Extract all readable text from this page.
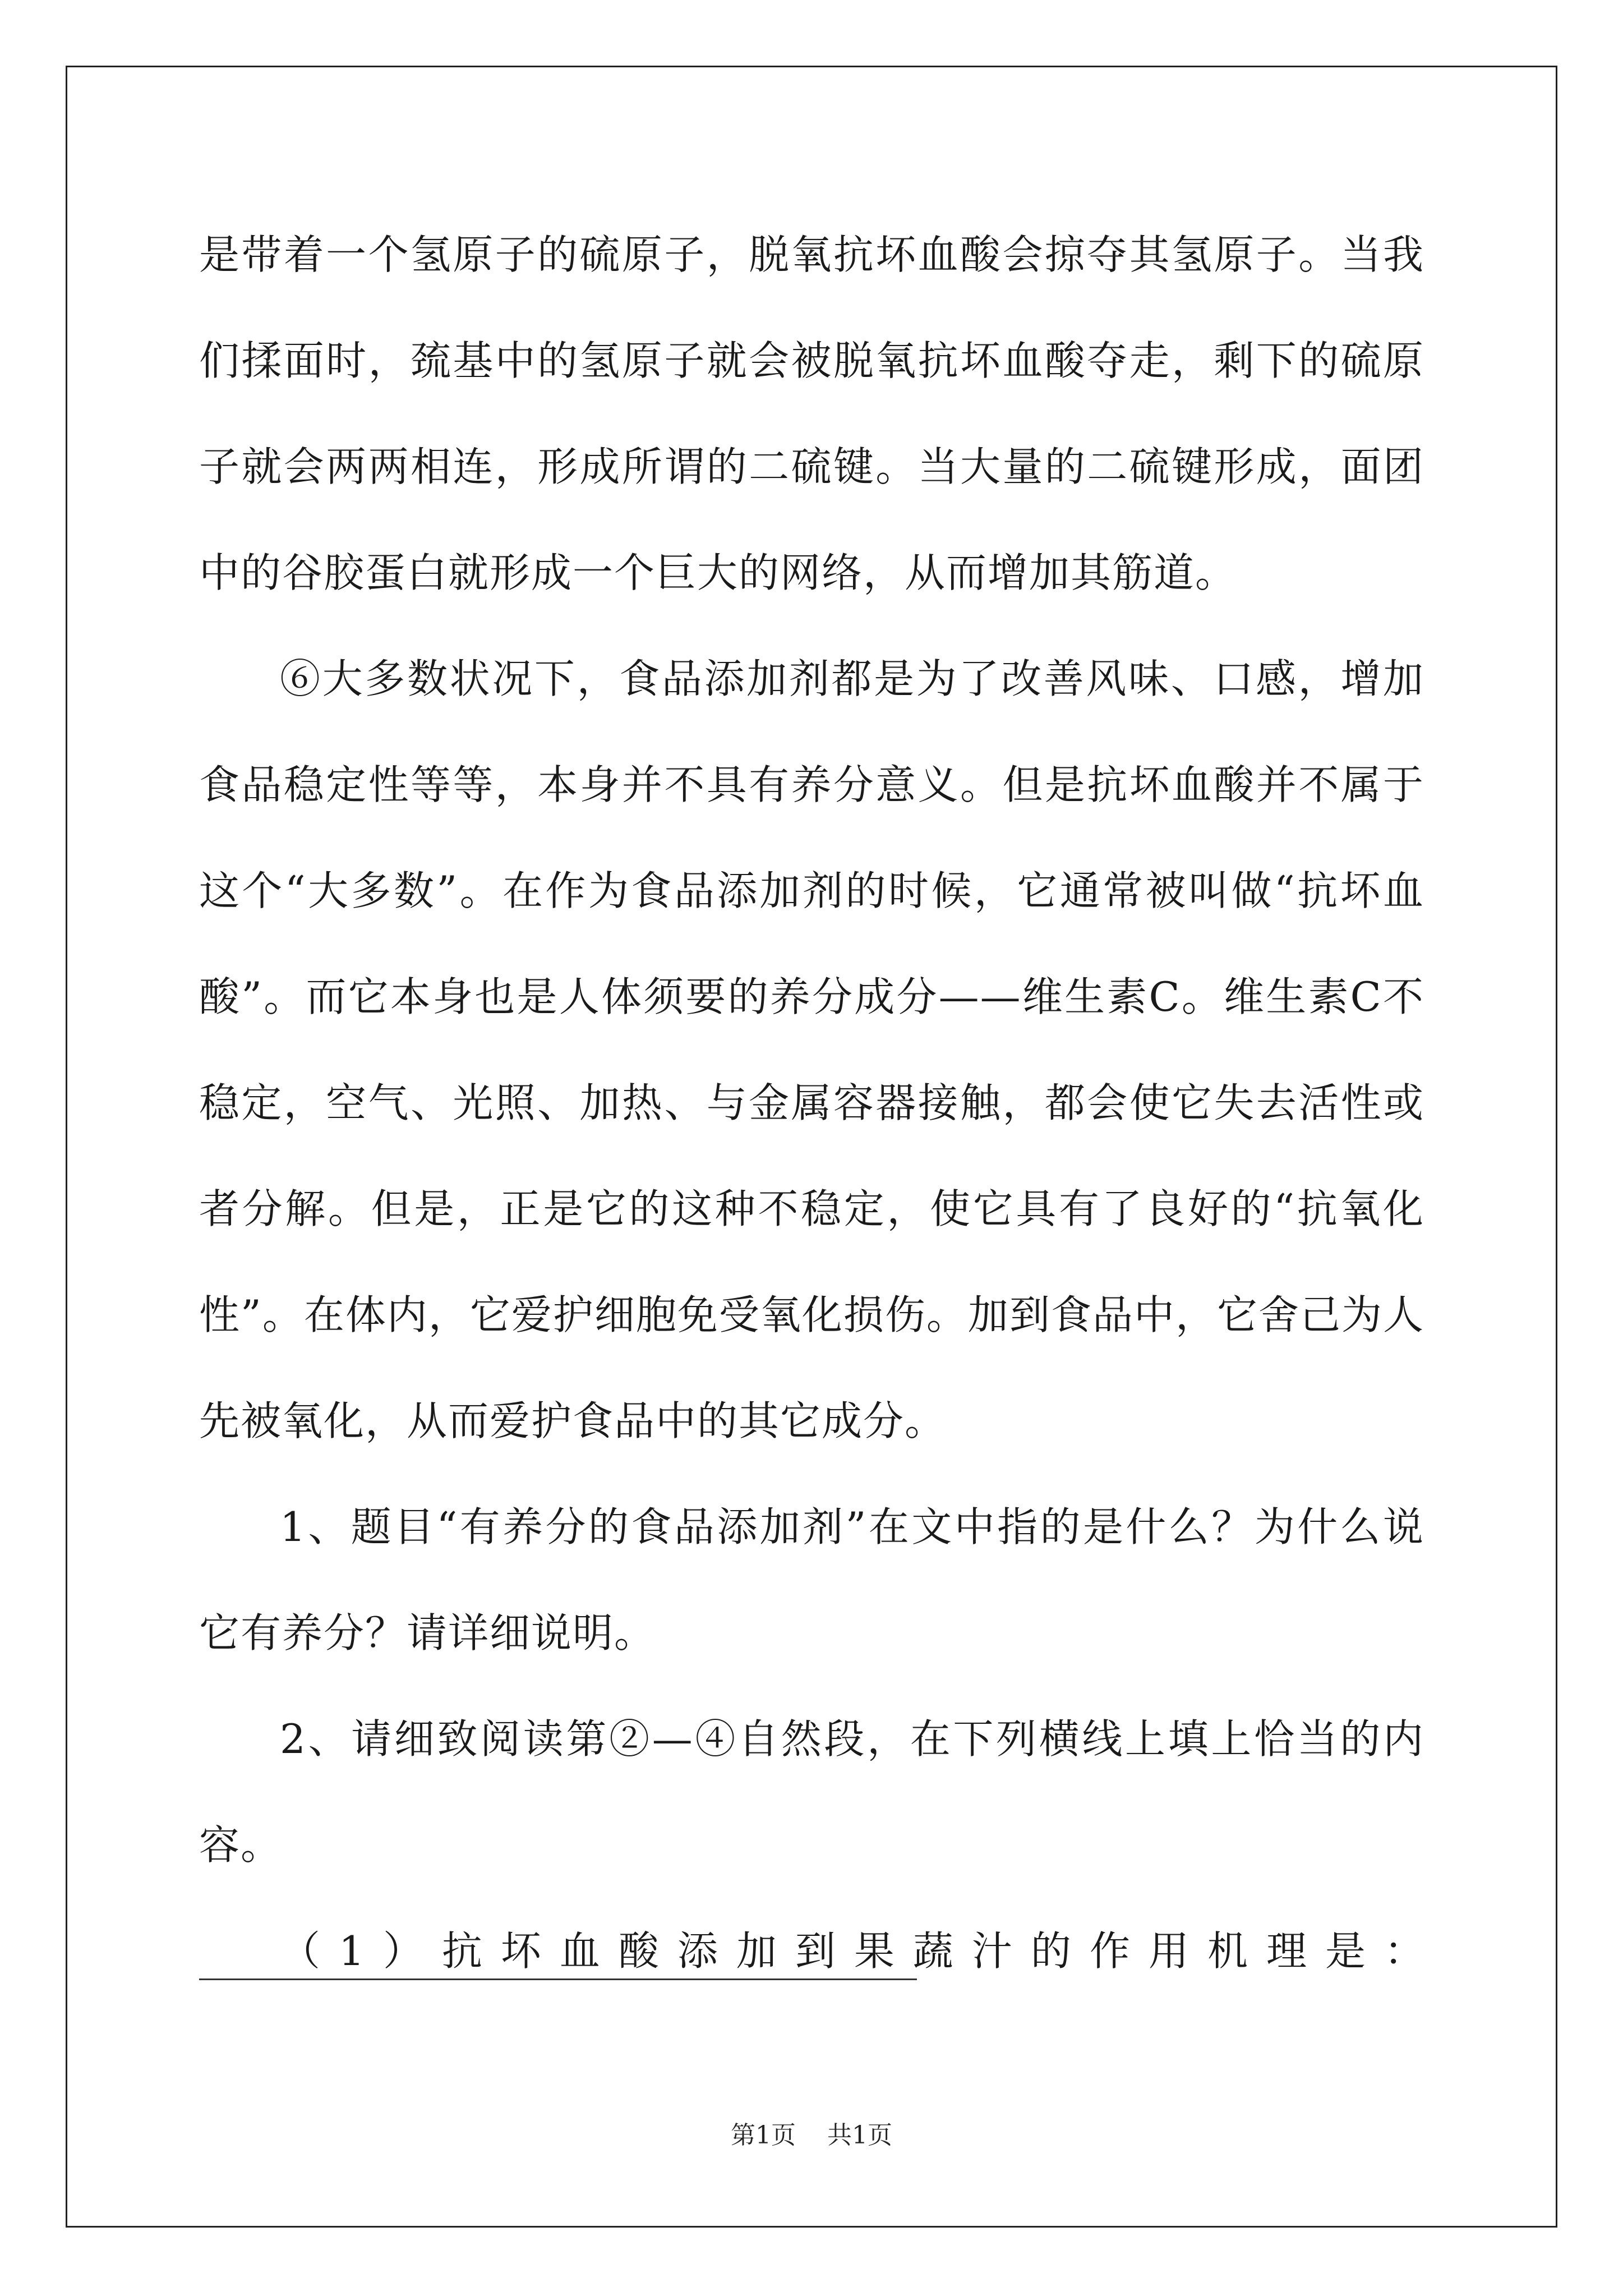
是带着一个氢原子的硫原子，脱氧抗坏血酸会掠夺其氢原子。当我们揉面时，巯基中的氢原子就会被脱氧抗坏血酸夺走，剩下的硫原子就会两两相连，形成所谓的二硫键。当大量的二硫键形成，面团中的谷胶蛋白就形成一个巨大的网络，从而增加其筋道。

⑥大多数状况下，食品添加剂都是为了改善风味、口感，增加食品稳定性等等，本身并不具有养分意义。但是抗坏血酸并不属于这个“大多数”。在作为食品添加剂的时候，它通常被叫做“抗坏血酸”。而它本身也是人体须要的养分成分——维生素C。维生素C不稳定，空气、光照、加热、与金属容器接触，都会使它失去活性或者分解。但是，正是它的这种不稳定，使它具有了良好的“抗氧化性”。在体内，它爱护细胞免受氧化损伤。加到食品中，它舍己为人先被氧化，从而爱护食品中的其它成分。

1、题目“有养分的食品添加剂”在文中指的是什么？为什么说它有养分？请详细说明。

2、请细致阅读第②—④自然段，在下列横线上填上恰当的内容。

（1）抗坏血酸添加到果蔬汁的作用机理是：

第1页 共1页
